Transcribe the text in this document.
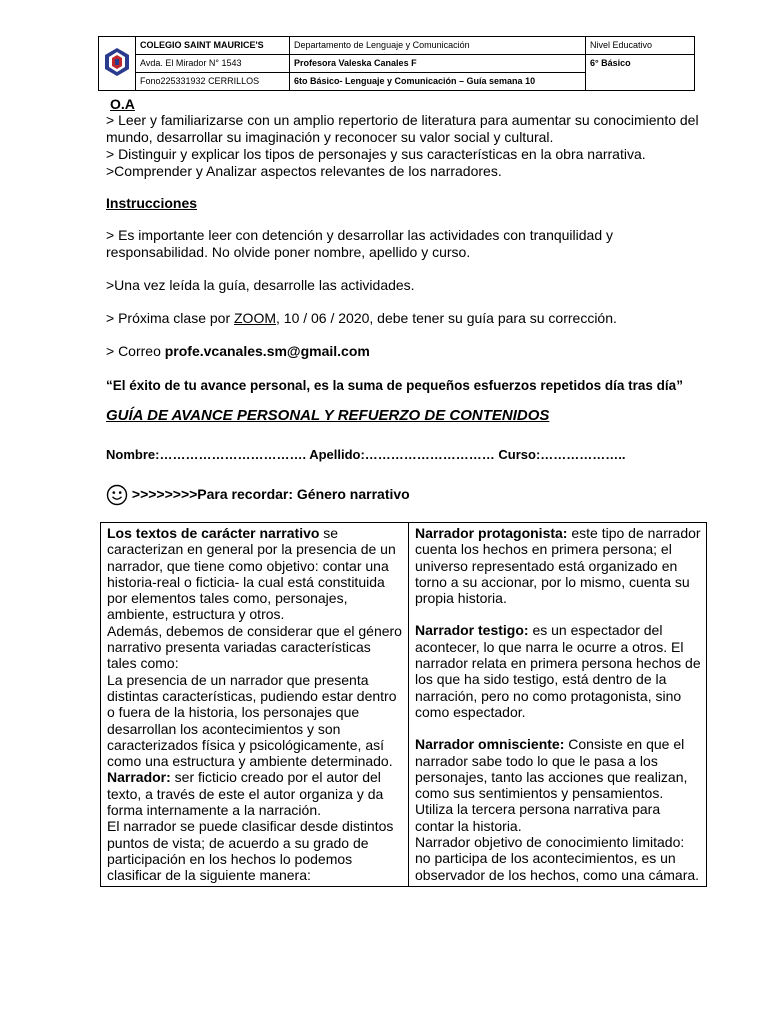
	COLEGIO SAINT MAURICE'S	Departamento de Lenguaje y Comunicación	Nivel Educativo
	Avda. El Mirador N° 1543	Profesora Valeska Canales F	6° Básico
	Fono225331932 CERRILLOS	6to Básico- Lenguaje y Comunicación – Guía semana 10	

O.A

> Leer y familiarizarse con un amplio repertorio de literatura para aumentar su conocimiento del mundo, desarrollar su imaginación y reconocer su valor social y cultural.

> Distinguir y explicar los tipos de personajes y sus características en la obra narrativa.

>Comprender y Analizar aspectos relevantes de los narradores.

Instrucciones

> Es importante leer con detención y desarrollar las actividades con tranquilidad y responsabilidad. No olvide poner nombre, apellido y curso.

>Una vez leída la guía, desarrolle las actividades.

> Próxima clase por ZOOM, 10 / 06 / 2020, debe tener su guía para su corrección.

> Correo profe.vcanales.sm@gmail.com

“El éxito de tu avance personal, es la suma de pequeños esfuerzos repetidos día tras día”

GUÍA DE AVANCE PERSONAL Y REFUERZO DE CONTENIDOS

Nombre:……………………………. Apellido:………………………… Curso:………………..

>>>>>>>>Para recordar: Género narrativo

Los textos de carácter narrativo se caracterizan en general por la presencia de un narrador, que tiene como objetivo: contar una historia-real o ficticia- la cual está constituida por elementos tales como, personajes, ambiente, estructura y otros.

Además, debemos de considerar que el género narrativo presenta variadas características tales como:

La presencia de un narrador que presenta distintas características, pudiendo estar dentro o fuera de la historia, los personajes que desarrollan los acontecimientos y son caracterizados física y psicológicamente, así como una estructura y ambiente determinado.

Narrador: ser ficticio creado por el autor del texto, a través de este el autor organiza y da forma internamente a la narración.

El narrador se puede clasificar desde distintos puntos de vista; de acuerdo a su grado de participación en los hechos lo podemos clasificar de la siguiente manera:

Narrador protagonista: este tipo de narrador cuenta los hechos en primera persona; el universo representado está organizado en torno a su accionar, por lo mismo, cuenta su propia historia.

Narrador testigo: es un espectador del acontecer, lo que narra le ocurre a otros. El narrador relata en primera persona hechos de los que ha sido testigo, está dentro de la narración, pero no como protagonista, sino como espectador.

Narrador omnisciente: Consiste en que el narrador sabe todo lo que le pasa a los personajes, tanto las acciones que realizan, como sus sentimientos y pensamientos. Utiliza la tercera persona narrativa para contar la historia.

Narrador objetivo de conocimiento limitado: no participa de los acontecimientos, es un observador de los hechos, como una cámara.
